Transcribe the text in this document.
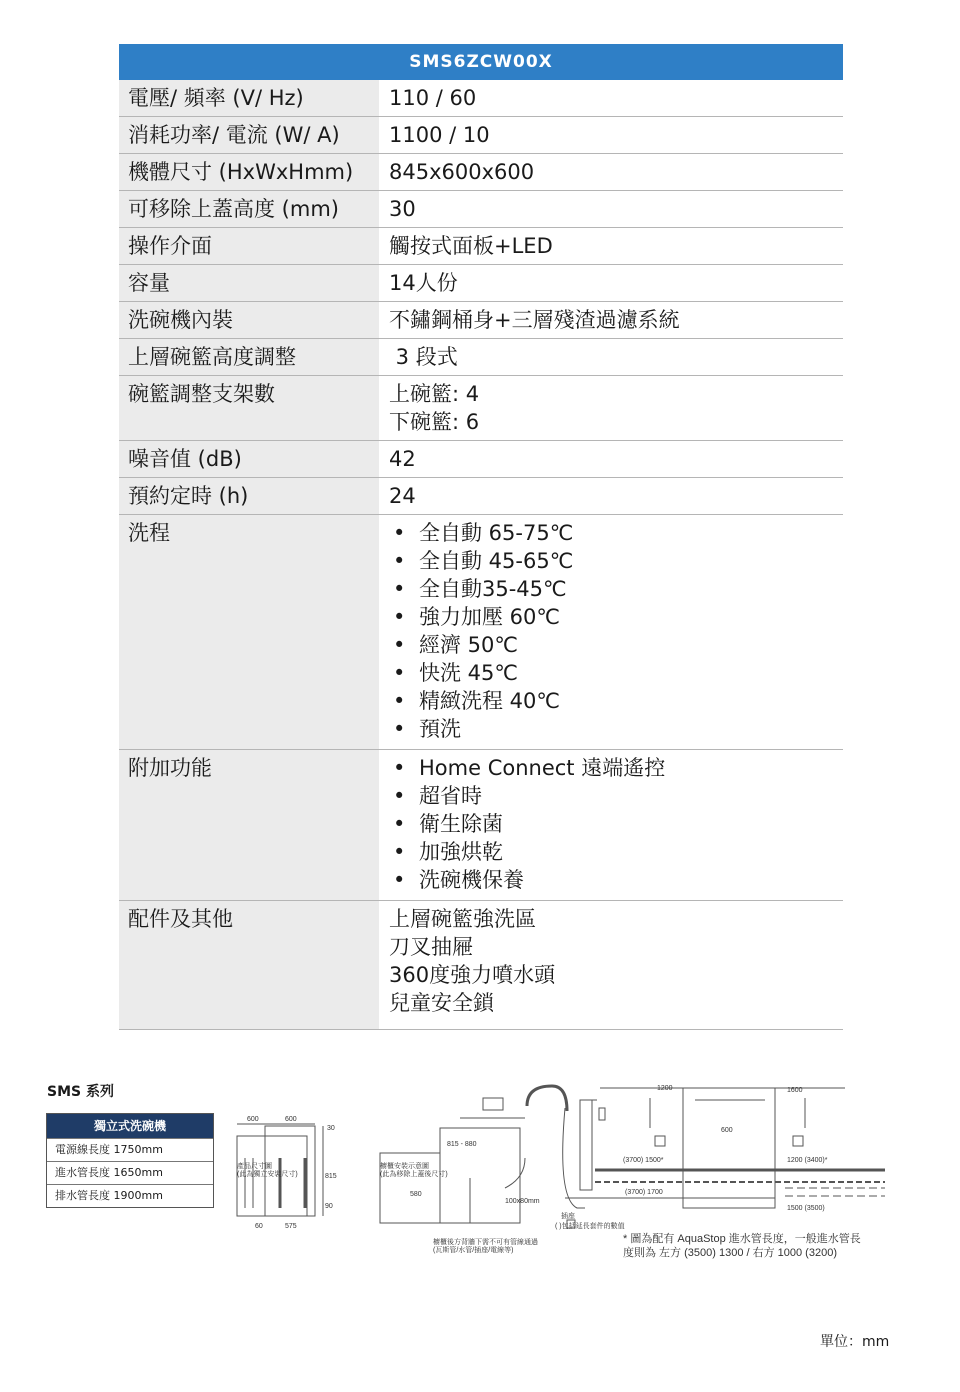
SMS6ZCW00X
電壓/ 頻率 (V/ Hz)	110 / 60
消耗功率/ 電流 (W/ A)	1100 / 10
機體尺寸 (HxWxHmm)	845x600x600
可移除上蓋高度 (mm)	30
操作介面	觸按式面板+LED
容量	14人份
洗碗機內裝	不鏽鋼桶身+三層殘渣過濾系統
上層碗籃高度調整	3 段式
碗籃調整支架數	上碗籃: 4
下碗籃: 6
噪音值 (dB)	42
預約定時 (h)	24
洗程	• 全自動 65-75℃
• 全自動 45-65℃
• 全自動35-45℃
• 強力加壓 60℃
• 經濟 50℃
• 快洗 45℃
• 精緻洗程 40℃
• 預洗
附加功能	• Home Connect 遠端遙控
• 超省時
• 衛生除菌
• 加強烘乾
• 洗碗機保養
配件及其他	上層碗籃強洗區
刀叉抽屜
360度強力噴水頭
兒童安全鎖
SMS 系列
獨立式洗碗機
電源線長度 1750mm
進水管長度 1650mm
排水管長度 1900mm
產品尺寸圖
(此為獨立安裝尺寸)
櫥櫃安裝示意圖
(此為移除上蓋後尺寸)
600	600
30
815
90
60	575
580
815 - 880
100x80mm
櫥櫃後方背牆下需不可有管線通過
(瓦斯管/水管/插座/電線等)
1200	1600
600
(3700) 1500*	1200 (3400)*
(3700) 1700
1500 (3500)
插座
( )包括延長套件的數值
* 圖為配有 AquaStop 進水管長度，一般進水管長
度則為 左方 (3500) 1300 / 右方 1000 (3200)
單位：mm
